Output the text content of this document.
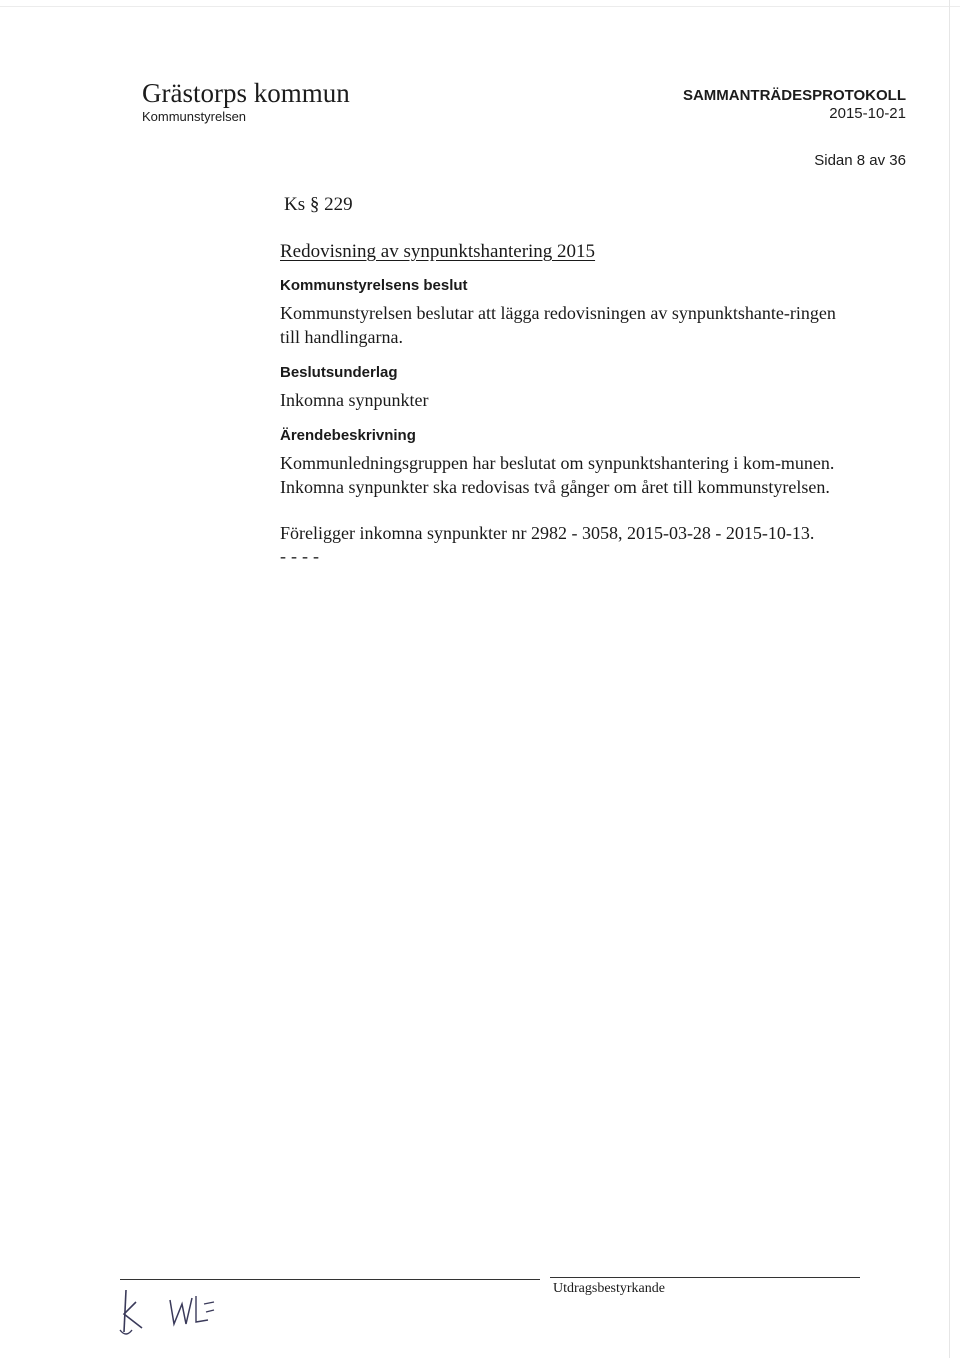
Grästorps kommun
Kommunstyrelsen
SAMMANTRÄDESPROTOKOLL
2015-10-21
Sidan 8 av 36
Ks § 229
Redovisning av synpunktshantering 2015
Kommunstyrelsens beslut
Kommunstyrelsen beslutar att lägga redovisningen av synpunktshante-ringen till handlingarna.
Beslutsunderlag
Inkomna synpunkter
Ärendebeskrivning
Kommunledningsgruppen har beslutat om synpunktshantering i kom-munen. Inkomna synpunkter ska redovisas två gånger om året till kommunstyrelsen.
Föreligger inkomna synpunkter nr 2982 - 3058, 2015-03-28 - 2015-10-13.
----
Utdragsbestyrkande
